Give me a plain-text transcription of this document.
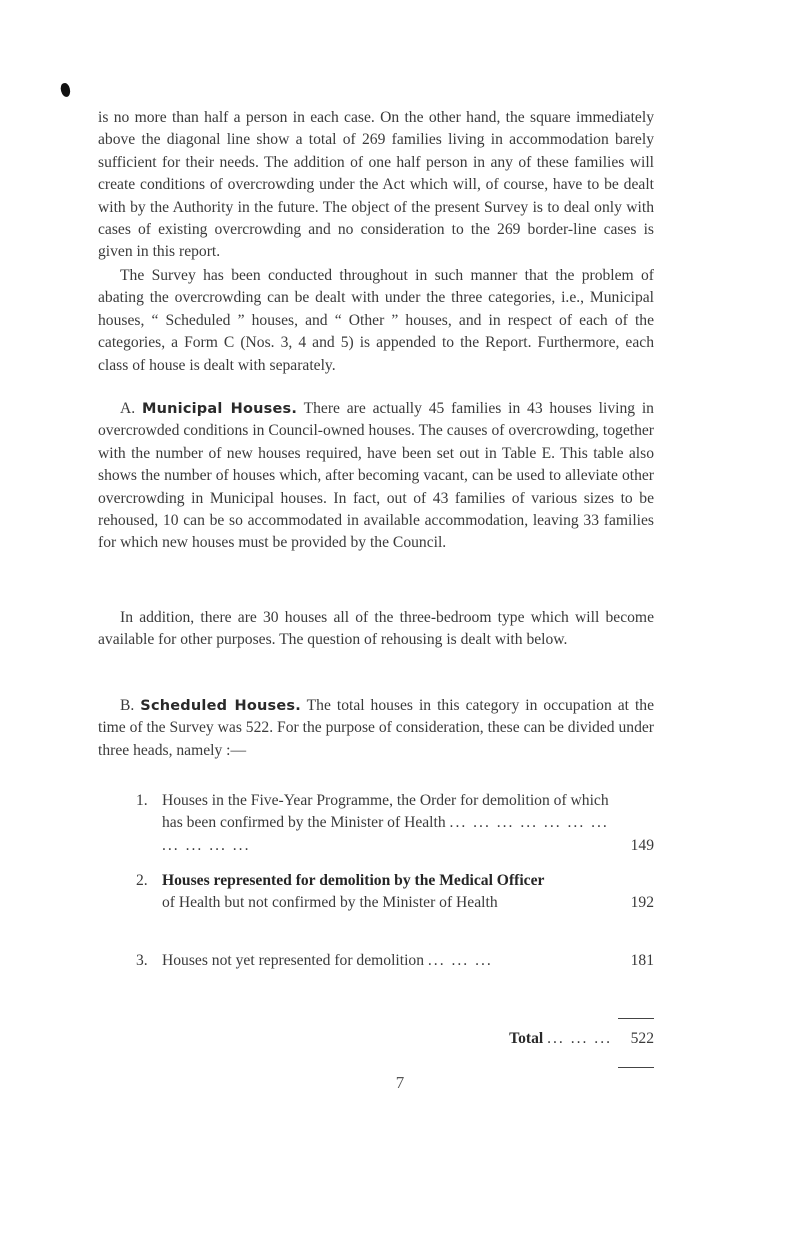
is no more than half a person in each case. On the other hand, the square immediately above the diagonal line show a total of 269 families living in accommodation barely sufficient for their needs. The addition of one half person in any of these families will create conditions of overcrowding under the Act which will, of course, have to be dealt with by the Authority in the future. The object of the present Survey is to deal only with cases of existing overcrowding and no consideration to the 269 border-line cases is given in this report.

The Survey has been conducted throughout in such manner that the problem of abating the overcrowding can be dealt with under the three categories, i.e., Municipal houses, “ Scheduled ” houses, and “ Other ” houses, and in respect of each of the categories, a Form C (Nos. 3, 4 and 5) is appended to the Report. Furthermore, each class of house is dealt with separately.

A. Municipal Houses. There are actually 45 families in 43 houses living in overcrowded conditions in Council-owned houses. The causes of overcrowding, together with the number of new houses required, have been set out in Table E. This table also shows the number of houses which, after becoming vacant, can be used to alleviate other overcrowding in Municipal houses. In fact, out of 43 families of various sizes to be rehoused, 10 can be so accommodated in available accommodation, leaving 33 families for which new houses must be provided by the Council.

In addition, there are 30 houses all of the three-bedroom type which will become available for other purposes. The question of rehousing is dealt with below.

B. Scheduled Houses. The total houses in this category in occupation at the time of the Survey was 522. For the purpose of consideration, these can be divided under three heads, namely :—

1. Houses in the Five-Year Programme, the Order for demolition of which has been confirmed by the Minister of Health ... ... ... ... ... ... ... ... ... ... ...	149
2. Houses represented for demolition by the Medical Officer
of Health but not confirmed by the Minister of Health	192
3. Houses not yet represented for demolition ... ... ...	181
Total ... ... ... 522
7
